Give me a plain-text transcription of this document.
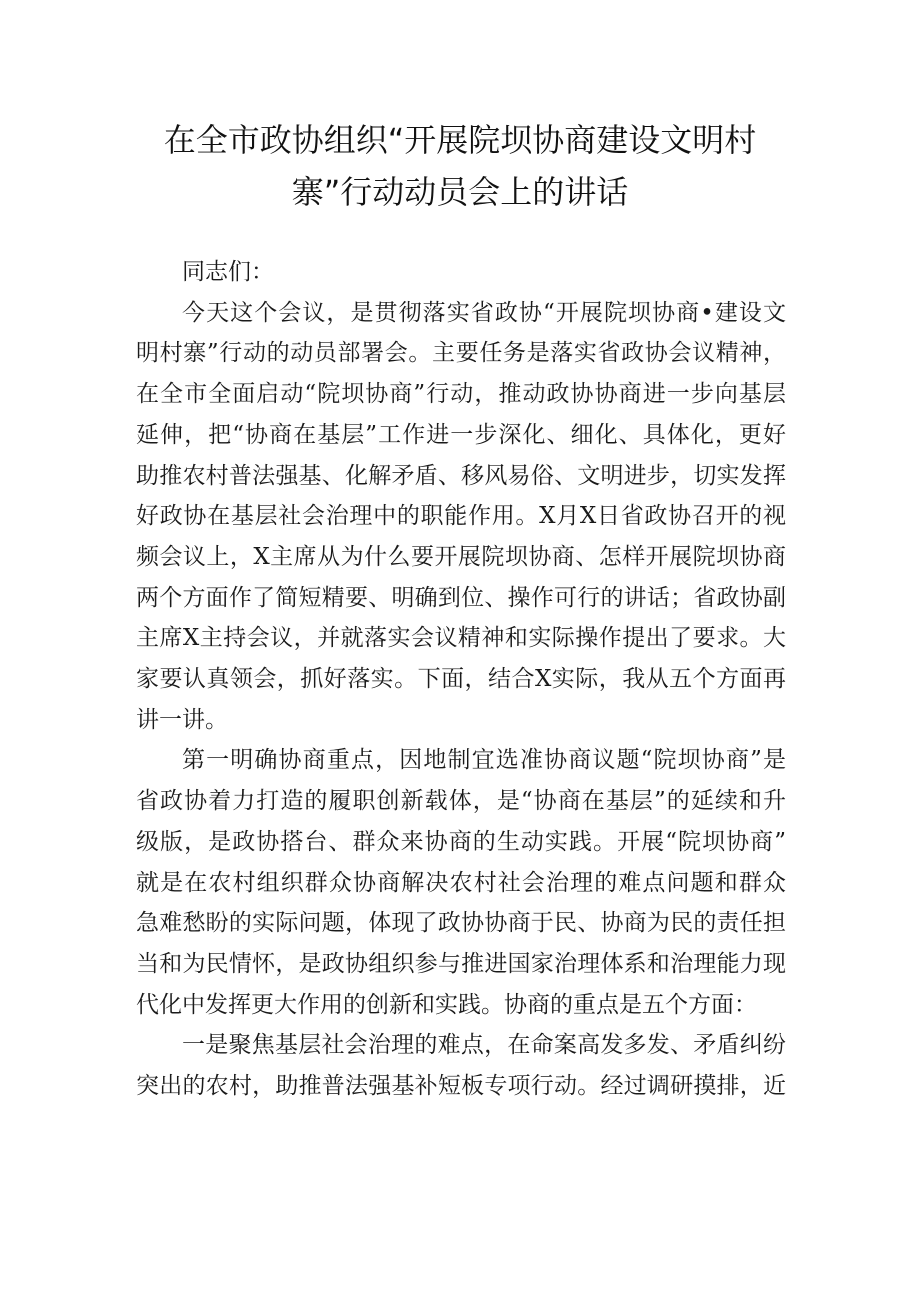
在全市政协组织“开展院坝协商建设文明村
寨”行动动员会上的讲话

同志们：

今天这个会议，是贯彻落实省政协“开展院坝协商•建设文
明村寨”行动的动员部署会。主要任务是落实省政协会议精神，
在全市全面启动“院坝协商”行动，推动政协协商进一步向基层
延伸，把“协商在基层”工作进一步深化、细化、具体化，更好
助推农村普法强基、化解矛盾、移风易俗、文明进步，切实发挥
好政协在基层社会治理中的职能作用。X月X日省政协召开的视
频会议上，X主席从为什么要开展院坝协商、怎样开展院坝协商
两个方面作了简短精要、明确到位、操作可行的讲话；省政协副
主席X主持会议，并就落实会议精神和实际操作提出了要求。大
家要认真领会，抓好落实。下面，结合X实际，我从五个方面再
讲一讲。

第一明确协商重点，因地制宜选准协商议题“院坝协商”是
省政协着力打造的履职创新载体，是“协商在基层”的延续和升
级版，是政协搭台、群众来协商的生动实践。开展“院坝协商”
就是在农村组织群众协商解决农村社会治理的难点问题和群众
急难愁盼的实际问题，体现了政协协商于民、协商为民的责任担
当和为民情怀，是政协组织参与推进国家治理体系和治理能力现
代化中发挥更大作用的创新和实践。协商的重点是五个方面：

一是聚焦基层社会治理的难点，在命案高发多发、矛盾纠纷
突出的农村，助推普法强基补短板专项行动。经过调研摸排，近
